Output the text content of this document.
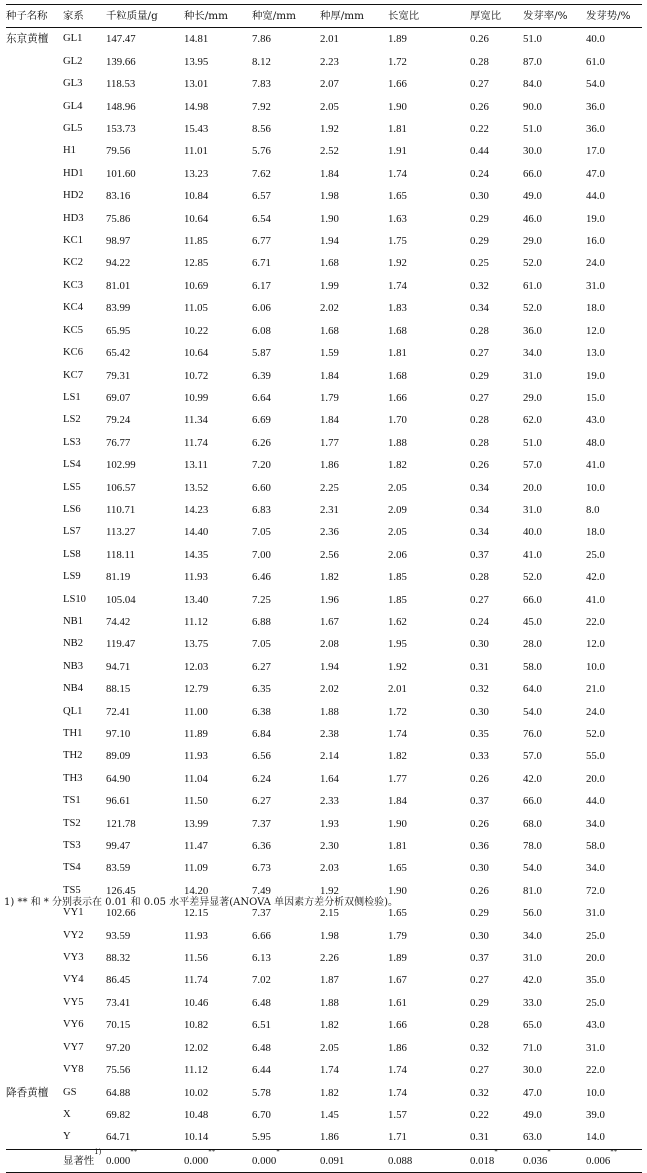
种子名称	家系	千粒质量/g	种长/mm	种宽/mm	种厚/mm	长宽比	厚宽比	发芽率/%	发芽势/%
东京黄檀	GL1	147.47	14.81	7.86	2.01	1.89	0.26	51.0	40.0
	GL2	139.66	13.95	8.12	2.23	1.72	0.28	87.0	61.0
	GL3	118.53	13.01	7.83	2.07	1.66	0.27	84.0	54.0
	GL4	148.96	14.98	7.92	2.05	1.90	0.26	90.0	36.0
	GL5	153.73	15.43	8.56	1.92	1.81	0.22	51.0	36.0
	H1	79.56	11.01	5.76	2.52	1.91	0.44	30.0	17.0
	HD1	101.60	13.23	7.62	1.84	1.74	0.24	66.0	47.0
	HD2	83.16	10.84	6.57	1.98	1.65	0.30	49.0	44.0
	HD3	75.86	10.64	6.54	1.90	1.63	0.29	46.0	19.0
	KC1	98.97	11.85	6.77	1.94	1.75	0.29	29.0	16.0
	KC2	94.22	12.85	6.71	1.68	1.92	0.25	52.0	24.0
	KC3	81.01	10.69	6.17	1.99	1.74	0.32	61.0	31.0
	KC4	83.99	11.05	6.06	2.02	1.83	0.34	52.0	18.0
	KC5	65.95	10.22	6.08	1.68	1.68	0.28	36.0	12.0
	KC6	65.42	10.64	5.87	1.59	1.81	0.27	34.0	13.0
	KC7	79.31	10.72	6.39	1.84	1.68	0.29	31.0	19.0
	LS1	69.07	10.99	6.64	1.79	1.66	0.27	29.0	15.0
	LS2	79.24	11.34	6.69	1.84	1.70	0.28	62.0	43.0
	LS3	76.77	11.74	6.26	1.77	1.88	0.28	51.0	48.0
	LS4	102.99	13.11	7.20	1.86	1.82	0.26	57.0	41.0
	LS5	106.57	13.52	6.60	2.25	2.05	0.34	20.0	10.0
	LS6	110.71	14.23	6.83	2.31	2.09	0.34	31.0	8.0
	LS7	113.27	14.40	7.05	2.36	2.05	0.34	40.0	18.0
	LS8	118.11	14.35	7.00	2.56	2.06	0.37	41.0	25.0
	LS9	81.19	11.93	6.46	1.82	1.85	0.28	52.0	42.0
	LS10	105.04	13.40	7.25	1.96	1.85	0.27	66.0	41.0
	NB1	74.42	11.12	6.88	1.67	1.62	0.24	45.0	22.0
	NB2	119.47	13.75	7.05	2.08	1.95	0.30	28.0	12.0
	NB3	94.71	12.03	6.27	1.94	1.92	0.31	58.0	10.0
	NB4	88.15	12.79	6.35	2.02	2.01	0.32	64.0	21.0
	QL1	72.41	11.00	6.38	1.88	1.72	0.30	54.0	24.0
	TH1	97.10	11.89	6.84	2.38	1.74	0.35	76.0	52.0
	TH2	89.09	11.93	6.56	2.14	1.82	0.33	57.0	55.0
	TH3	64.90	11.04	6.24	1.64	1.77	0.26	42.0	20.0
	TS1	96.61	11.50	6.27	2.33	1.84	0.37	66.0	44.0
	TS2	121.78	13.99	7.37	1.93	1.90	0.26	68.0	34.0
	TS3	99.47	11.47	6.36	2.30	1.81	0.36	78.0	58.0
	TS4	83.59	11.09	6.73	2.03	1.65	0.30	54.0	34.0
	TS5	126.45	14.20	7.49	1.92	1.90	0.26	81.0	72.0
	VY1	102.66	12.15	7.37	2.15	1.65	0.29	56.0	31.0
	VY2	93.59	11.93	6.66	1.98	1.79	0.30	34.0	25.0
	VY3	88.32	11.56	6.13	2.26	1.89	0.37	31.0	20.0
	VY4	86.45	11.74	7.02	1.87	1.67	0.27	42.0	35.0
	VY5	73.41	10.46	6.48	1.88	1.61	0.29	33.0	25.0
	VY6	70.15	10.82	6.51	1.82	1.66	0.28	65.0	43.0
	VY7	97.20	12.02	6.48	2.05	1.86	0.32	71.0	31.0
	VY8	75.56	11.12	6.44	1.74	1.74	0.27	30.0	22.0
降香黄檀	GS	64.88	10.02	5.78	1.82	1.74	0.32	47.0	10.0
	X	69.82	10.48	6.70	1.45	1.57	0.22	49.0	39.0
	Y	64.71	10.14	5.95	1.86	1.71	0.31	63.0	14.0
	显著性$^{1)}$	0.000**	0.000**	0.000*	0.091	0.088	0.018*	0.036*	0.006**
1) ** 和 * 分别表示在 0.01 和 0.05 水平差异显著(ANOVA 单因素方差分析双侧检验)。
